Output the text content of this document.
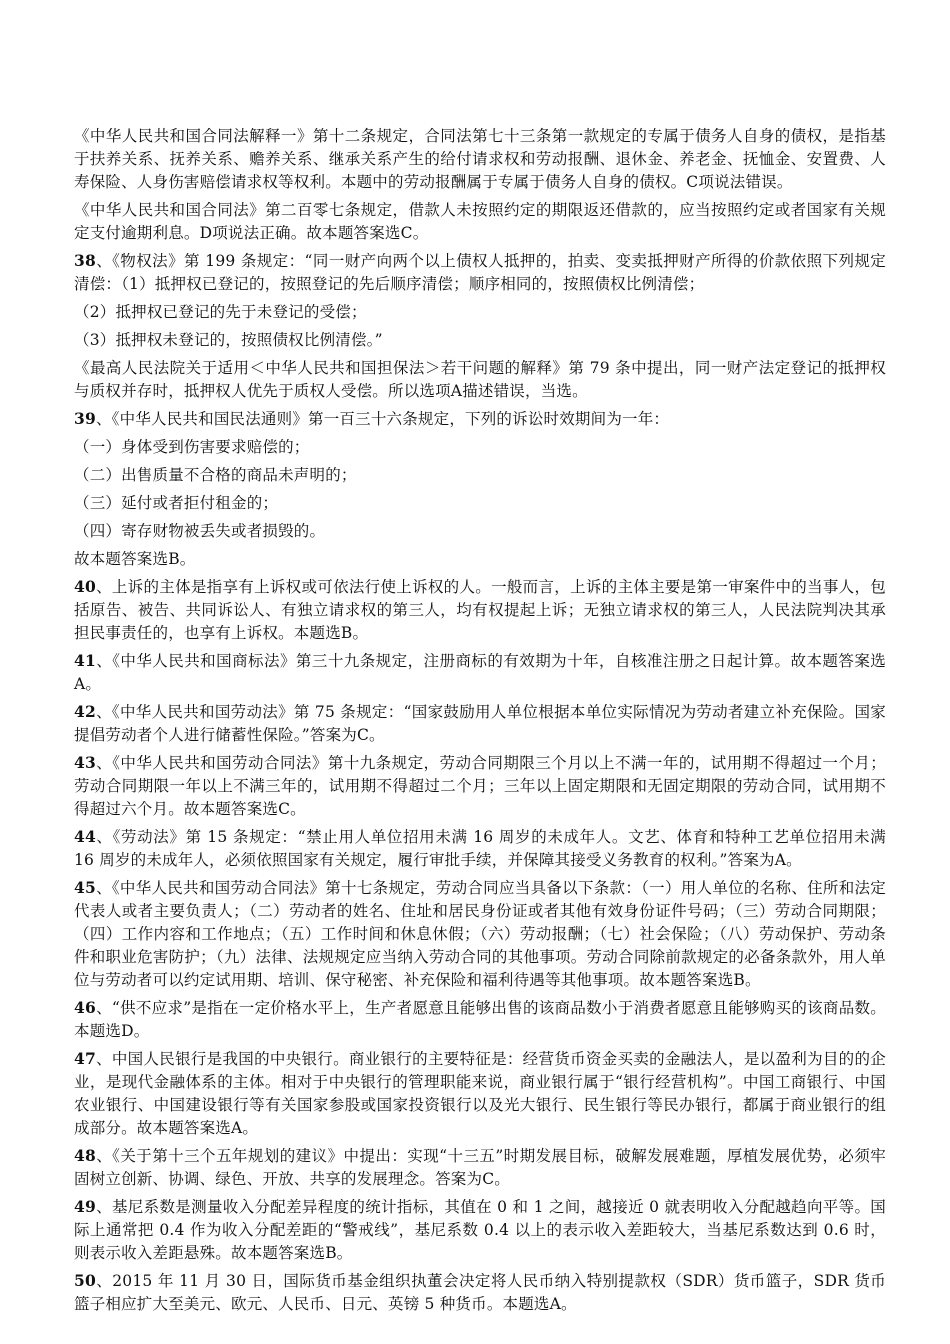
《中华人民共和国合同法解释一》第十二条规定，合同法第七十三条第一款规定的专属于债务人自身的债权，是指基于扶养关系、抚养关系、赡养关系、继承关系产生的给付请求权和劳动报酬、退休金、养老金、抚恤金、安置费、人寿保险、人身伤害赔偿请求权等权利。本题中的劳动报酬属于专属于债务人自身的债权。C项说法错误。

《中华人民共和国合同法》第二百零七条规定，借款人未按照约定的期限返还借款的，应当按照约定或者国家有关规定支付逾期利息。D项说法正确。故本题答案选C。

38、《物权法》第 199 条规定：“同一财产向两个以上债权人抵押的，拍卖、变卖抵押财产所得的价款依照下列规定清偿：（1）抵押权已登记的，按照登记的先后顺序清偿；顺序相同的，按照债权比例清偿；

（2）抵押权已登记的先于未登记的受偿；

（3）抵押权未登记的，按照债权比例清偿。”

《最高人民法院关于适用＜中华人民共和国担保法＞若干问题的解释》第 79 条中提出，同一财产法定登记的抵押权与质权并存时，抵押权人优先于质权人受偿。所以选项A描述错误，当选。

39、《中华人民共和国民法通则》第一百三十六条规定，下列的诉讼时效期间为一年：

（一）身体受到伤害要求赔偿的；

（二）出售质量不合格的商品未声明的；

（三）延付或者拒付租金的；

（四）寄存财物被丢失或者损毁的。

故本题答案选B。

40、上诉的主体是指享有上诉权或可依法行使上诉权的人。一般而言，上诉的主体主要是第一审案件中的当事人，包括原告、被告、共同诉讼人、有独立请求权的第三人，均有权提起上诉；无独立请求权的第三人，人民法院判决其承担民事责任的，也享有上诉权。本题选B。

41、《中华人民共和国商标法》第三十九条规定，注册商标的有效期为十年，自核准注册之日起计算。故本题答案选A。

42、《中华人民共和国劳动法》第 75 条规定：“国家鼓励用人单位根据本单位实际情况为劳动者建立补充保险。国家提倡劳动者个人进行储蓄性保险。”答案为C。

43、《中华人民共和国劳动合同法》第十九条规定，劳动合同期限三个月以上不满一年的，试用期不得超过一个月；劳动合同期限一年以上不满三年的，试用期不得超过二个月；三年以上固定期限和无固定期限的劳动合同，试用期不得超过六个月。故本题答案选C。

44、《劳动法》第 15 条规定：“禁止用人单位招用未满 16 周岁的未成年人。文艺、体育和特种工艺单位招用未满 16 周岁的未成年人，必须依照国家有关规定，履行审批手续，并保障其接受义务教育的权利。”答案为A。

45、《中华人民共和国劳动合同法》第十七条规定，劳动合同应当具备以下条款：（一）用人单位的名称、住所和法定代表人或者主要负责人；（二）劳动者的姓名、住址和居民身份证或者其他有效身份证件号码；（三）劳动合同期限；（四）工作内容和工作地点；（五）工作时间和休息休假；（六）劳动报酬；（七）社会保险；（八）劳动保护、劳动条件和职业危害防护；（九）法律、法规规定应当纳入劳动合同的其他事项。劳动合同除前款规定的必备条款外，用人单位与劳动者可以约定试用期、培训、保守秘密、补充保险和福利待遇等其他事项。故本题答案选B。

46、“供不应求”是指在一定价格水平上，生产者愿意且能够出售的该商品数小于消费者愿意且能够购买的该商品数。本题选D。

47、中国人民银行是我国的中央银行。商业银行的主要特征是：经营货币资金买卖的金融法人，是以盈利为目的的企业，是现代金融体系的主体。相对于中央银行的管理职能来说，商业银行属于“银行经营机构”。中国工商银行、中国农业银行、中国建设银行等有关国家参股或国家投资银行以及光大银行、民生银行等民办银行，都属于商业银行的组成部分。故本题答案选A。

48、《关于第十三个五年规划的建议》中提出：实现“十三五”时期发展目标，破解发展难题，厚植发展优势，必须牢固树立创新、协调、绿色、开放、共享的发展理念。答案为C。

49、基尼系数是测量收入分配差异程度的统计指标，其值在 0 和 1 之间，越接近 0 就表明收入分配越趋向平等。国际上通常把 0.4 作为收入分配差距的“警戒线”，基尼系数 0.4 以上的表示收入差距较大，当基尼系数达到 0.6 时，则表示收入差距悬殊。故本题答案选B。

50、2015 年 11 月 30 日，国际货币基金组织执董会决定将人民币纳入特别提款权（SDR）货币篮子，SDR 货币篮子相应扩大至美元、欧元、人民币、日元、英镑 5 种货币。本题选A。
